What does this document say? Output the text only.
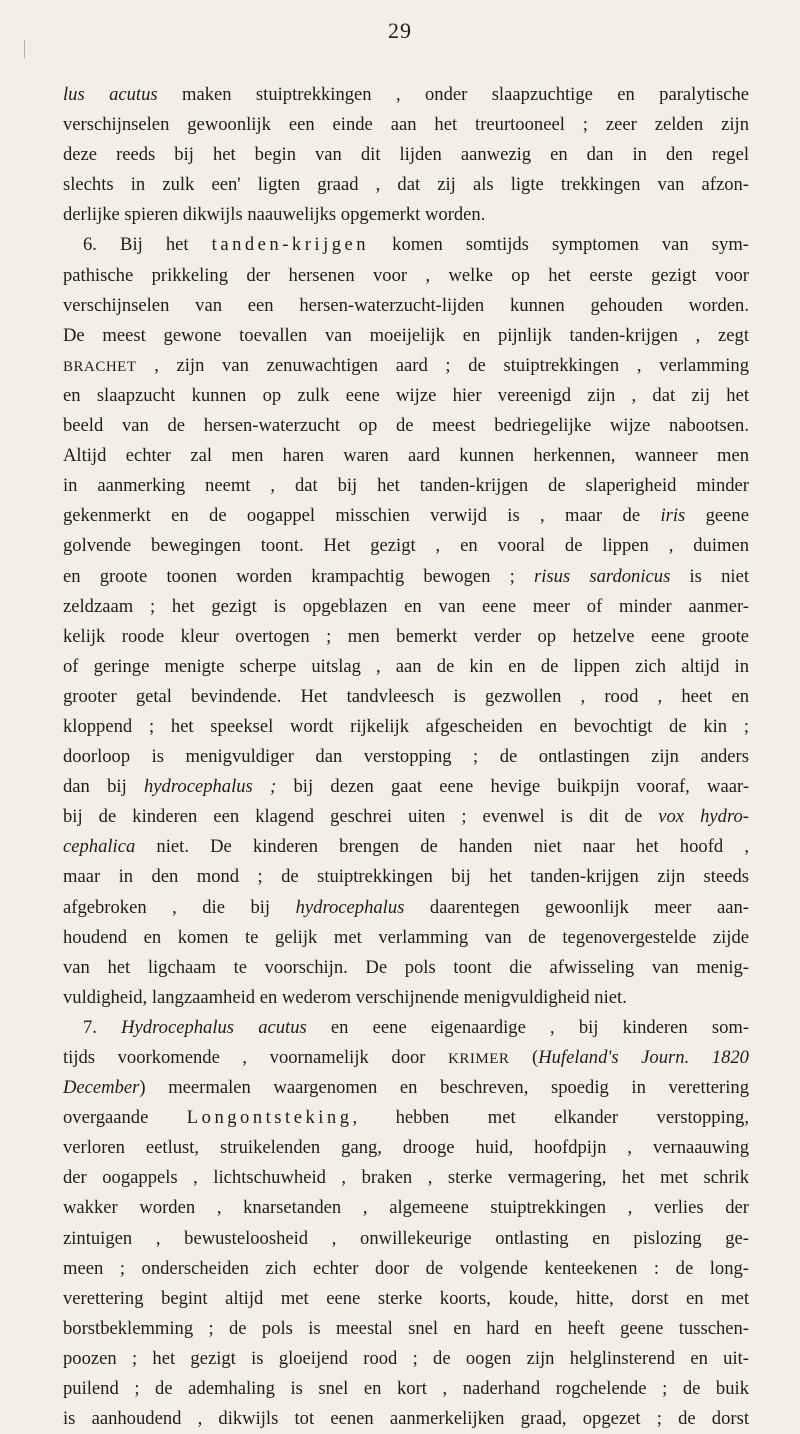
29
lus acutus maken stuiptrekkingen , onder slaapzuchtige en paralytische
verschijnselen gewoonlijk een einde aan het treurtooneel ; zeer zelden zijn
deze reeds bij het begin van dit lijden aanwezig en dan in den regel
slechts in zulk een' ligten graad , dat zij als ligte trekkingen van afzon-
derlijke spieren dikwijls naauwelijks opgemerkt worden.
6. Bij het tanden-krijgen komen somtijds symptomen van sym-
pathische prikkeling der hersenen voor , welke op het eerste gezigt voor
verschijnselen van een hersen-waterzucht-lijden kunnen gehouden worden.
De meest gewone toevallen van moeijelijk en pijnlijk tanden-krijgen , zegt
BRACHET , zijn van zenuwachtigen aard ; de stuiptrekkingen , verlamming
en slaapzucht kunnen op zulk eene wijze hier vereenigd zijn , dat zij het
beeld van de hersen-waterzucht op de meest bedriegelijke wijze nabootsen.
Altijd echter zal men haren waren aard kunnen herkennen, wanneer men
in aanmerking neemt , dat bij het tanden-krijgen de slaperigheid minder
gekenmerkt en de oogappel misschien verwijd is , maar de iris geene
golvende bewegingen toont. Het gezigt , en vooral de lippen , duimen
en groote toonen worden krampachtig bewogen ; risus sardonicus is niet
zeldzaam ; het gezigt is opgeblazen en van eene meer of minder aanmer-
kelijk roode kleur overtogen ; men bemerkt verder op hetzelve eene groote
of geringe menigte scherpe uitslag , aan de kin en de lippen zich altijd in
grooter getal bevindende. Het tandvleesch is gezwollen , rood , heet en
kloppend ; het speeksel wordt rijkelijk afgescheiden en bevochtigt de kin ;
doorloop is menigvuldiger dan verstopping ; de ontlastingen zijn anders
dan bij hydrocephalus ; bij dezen gaat eene hevige buikpijn vooraf, waar-
bij de kinderen een klagend geschrei uiten ; evenwel is dit de vox hydro-
cephalica niet. De kinderen brengen de handen niet naar het hoofd ,
maar in den mond ; de stuiptrekkingen bij het tanden-krijgen zijn steeds
afgebroken , die bij hydrocephalus daarentegen gewoonlijk meer aan-
houdend en komen te gelijk met verlamming van de tegenovergestelde zijde
van het ligchaam te voorschijn. De pols toont die afwisseling van menig-
vuldigheid, langzaamheid en wederom verschijnende menigvuldigheid niet.
7. Hydrocephalus acutus en eene eigenaardige , bij kinderen som-
tijds voorkomende , voornamelijk door KRIMER (Hufeland's Journ. 1820
December) meermalen waargenomen en beschreven, spoedig in verettering
overgaande Longontsteking, hebben met elkander verstopping,
verloren eetlust, struikelenden gang, drooge huid, hoofdpijn , vernaauwing
der oogappels , lichtschuwheid , braken , sterke vermagering, het met schrik
wakker worden , knarsetanden , algemeene stuiptrekkingen , verlies der
zintuigen , bewusteloosheid , onwillekeurige ontlasting en pislozing ge-
meen ; onderscheiden zich echter door de volgende kenteekenen : de long-
verettering begint altijd met eene sterke koorts, koude, hitte, dorst en met
borstbeklemming ; de pols is meestal snel en hard en heeft geene tusschen-
poozen ; het gezigt is gloeijend rood ; de oogen zijn helglinsterend en uit-
puilend ; de ademhaling is snel en kort , naderhand rogchelende ; de buik
is aanhoudend , dikwijls tot eenen aanmerkelijken graad, opgezet ; de dorst
